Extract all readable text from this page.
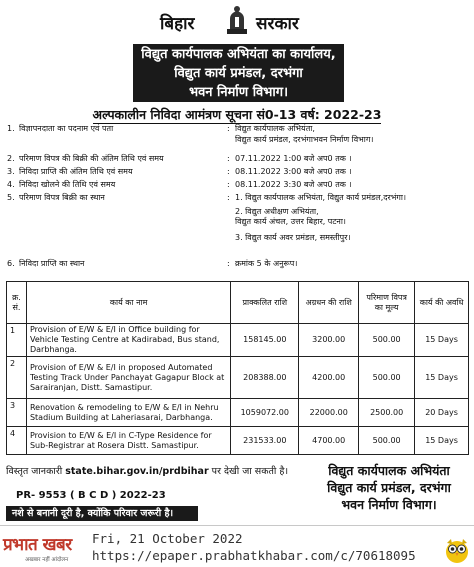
बिहार	सरकार
विद्युत कार्यपालक अभियंता का कार्यालय,
विद्युत कार्य प्रमंडल, दरभंगा
भवन निर्माण विभाग।
अल्पकालीन निविदा आमंत्रण सूचना सं0-13 वर्ष: 2022-23
1. विज्ञापनदाता का पदनाम एवं पता	: विद्युत कार्यपालक अभियंता,
विद्युत कार्य प्रमंडल, दरभंगाभवन निर्माण विभाग।
2. परिमाण विपत्र की बिक्री की अंतिम तिथि एवं समय	: 07.11.2022 1:00 बजे अप0 तक ।
3. निविदा प्राप्ति की अंतिम तिथि एवं समय	: 08.11.2022 3:00 बजे अप0 तक ।
4. निविदा खोलने की तिथि एवं समय	: 08.11.2022 3:30 बजे अप0 तक ।
5. परिमाण विपत्र बिक्री का स्थान	: 1. विद्युत कार्यपालक अभियंता, विद्युत कार्य प्रमंडल,दरभंगा।
2. विद्युत अधीक्षण अभियंता,
विद्युत कार्य अंचल, उत्तर बिहार, पटना।
3. विद्युत कार्य अवर प्रमंडल, समस्तीपुर।
6. निविदा प्राप्ति का स्थान	: क्रमांक 5 के अनुरूप।
क्र. सं.	कार्य का नाम	प्राक्कलित राशि	अग्रधन की राशि	परिमाण विपत्र का मूल्य	कार्य की अवधि
1	Provision of E/W & E/I in Office building for Vehicle Testing Centre at Kadirabad, Bus stand, Darbhanga.	158145.00	3200.00	500.00	15 Days
2	Provision of E/W & E/I in proposed Automated Testing Track Under Panchayat Gagapur Block at Sarairanjan, Distt. Samastipur.	208388.00	4200.00	500.00	15 Days
3	Renovation & remodeling to E/W & E/I in Nehru Stadium Building at Laheriasarai, Darbhanga.	1059072.00	22000.00	2500.00	20 Days
4	Provision to E/W & E/I in C-Type Residence for Sub-Registrar at Rosera Distt. Samastipur.	231533.00	4700.00	500.00	15 Days
विस्तृत जानकारी state.bihar.gov.in/prdbihar पर देखी जा सकती है।
PR- 9553 ( B C D ) 2022-23
विद्युत कार्यपालक अभियंता
विद्युत कार्य प्रमंडल, दरभंगा
भवन निर्माण विभाग।
नशे से बनानी दूरी है, क्योंकि परिवार जरूरी है।
प्रभात खबर
अखबार नहीं आंदोलन
Fri, 21 October 2022
https://epaper.prabhatkhabar.com/c/70618095
